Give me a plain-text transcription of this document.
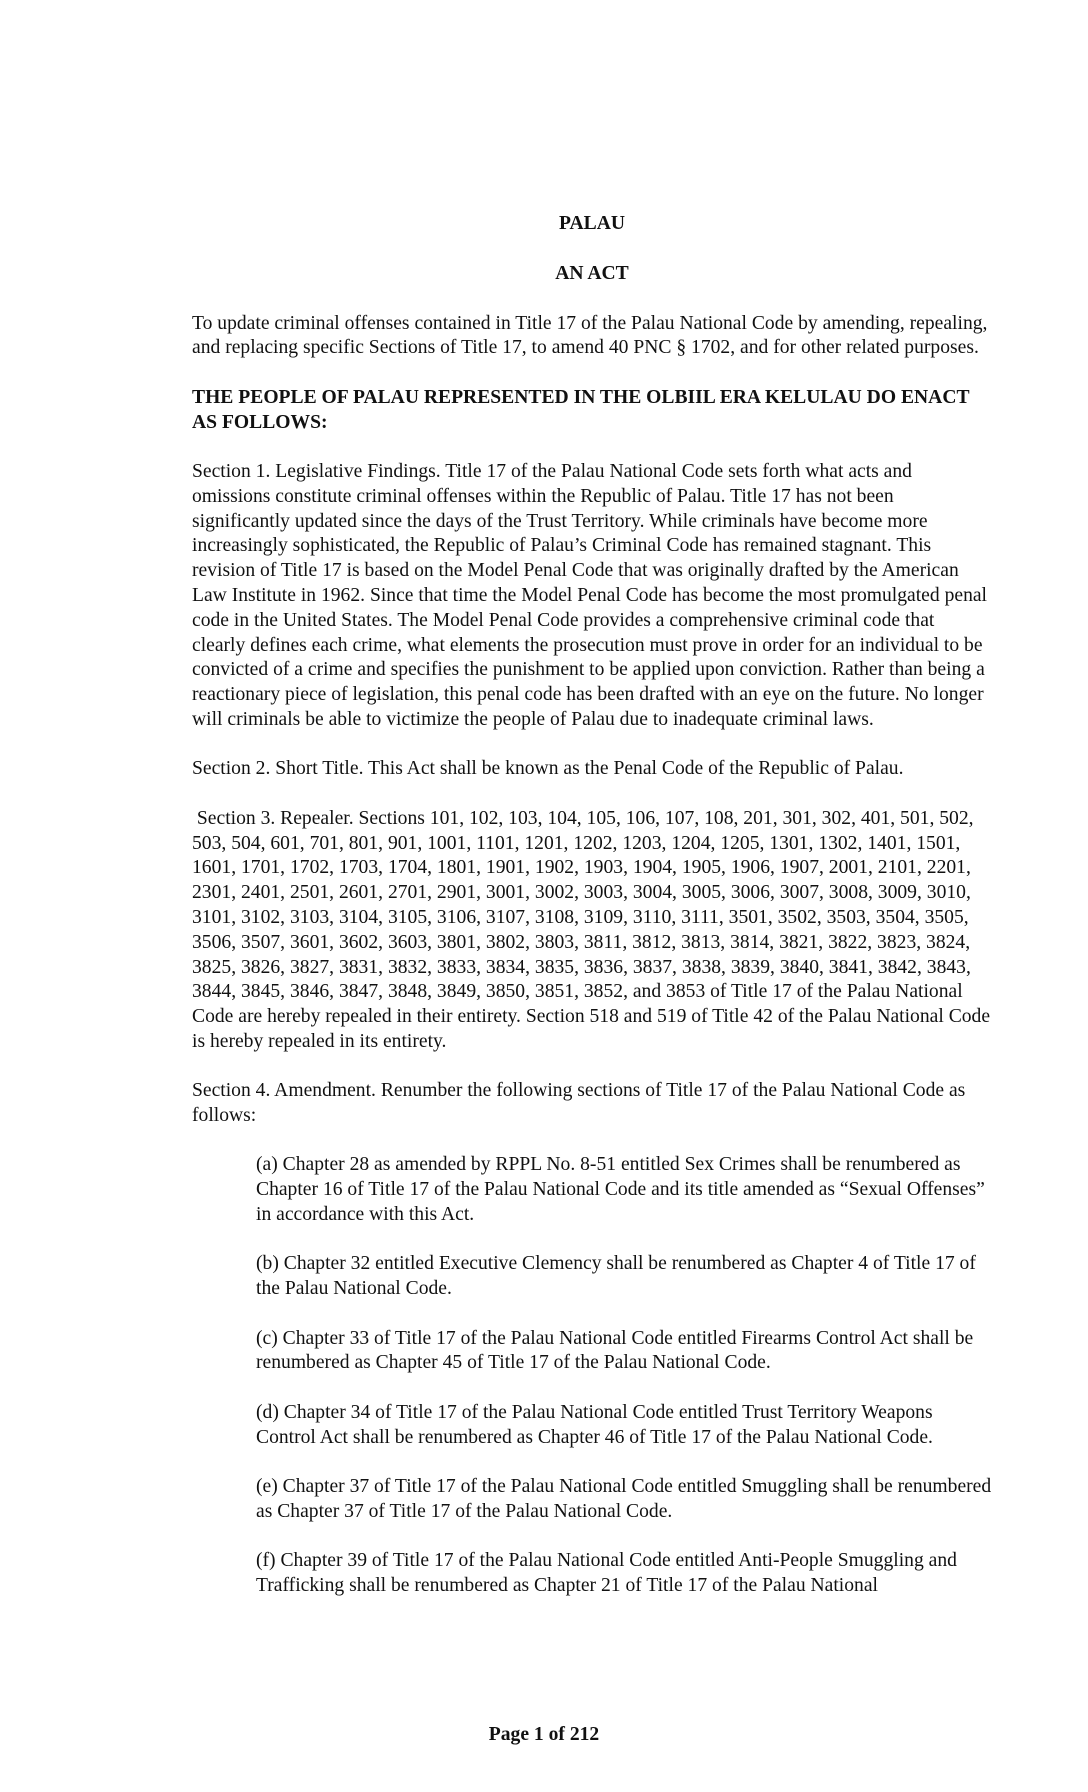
PALAU
AN ACT

To update criminal offenses contained in Title 17 of the Palau National Code by amending, repealing, and replacing specific Sections of Title 17, to amend 40 PNC § 1702, and for other related purposes.

THE PEOPLE OF PALAU REPRESENTED IN THE OLBIIL ERA KELULAU DO ENACT AS FOLLOWS:

Section 1. Legislative Findings. Title 17 of the Palau National Code sets forth what acts and omissions constitute criminal offenses within the Republic of Palau. Title 17 has not been significantly updated since the days of the Trust Territory. While criminals have become more increasingly sophisticated, the Republic of Palau’s Criminal Code has remained stagnant. This revision of Title 17 is based on the Model Penal Code that was originally drafted by the American Law Institute in 1962. Since that time the Model Penal Code has become the most promulgated penal code in the United States. The Model Penal Code provides a comprehensive criminal code that clearly defines each crime, what elements the prosecution must prove in order for an individual to be convicted of a crime and specifies the punishment to be applied upon conviction. Rather than being a reactionary piece of legislation, this penal code has been drafted with an eye on the future. No longer will criminals be able to victimize the people of Palau due to inadequate criminal laws.

Section 2. Short Title. This Act shall be known as the Penal Code of the Republic of Palau.

Section 3. Repealer. Sections 101, 102, 103, 104, 105, 106, 107, 108, 201, 301, 302, 401, 501, 502, 503, 504, 601, 701, 801, 901, 1001, 1101, 1201, 1202, 1203, 1204, 1205, 1301, 1302, 1401, 1501, 1601, 1701, 1702, 1703, 1704, 1801, 1901, 1902, 1903, 1904, 1905, 1906, 1907, 2001, 2101, 2201, 2301, 2401, 2501, 2601, 2701, 2901, 3001, 3002, 3003, 3004, 3005, 3006, 3007, 3008, 3009, 3010, 3101, 3102, 3103, 3104, 3105, 3106, 3107, 3108, 3109, 3110, 3111, 3501, 3502, 3503, 3504, 3505, 3506, 3507, 3601, 3602, 3603, 3801, 3802, 3803, 3811, 3812, 3813, 3814, 3821, 3822, 3823, 3824, 3825, 3826, 3827, 3831, 3832, 3833, 3834, 3835, 3836, 3837, 3838, 3839, 3840, 3841, 3842, 3843, 3844, 3845, 3846, 3847, 3848, 3849, 3850, 3851, 3852, and 3853 of Title 17 of the Palau National Code are hereby repealed in their entirety. Section 518 and 519 of Title 42 of the Palau National Code is hereby repealed in its entirety.

Section 4. Amendment. Renumber the following sections of Title 17 of the Palau National Code as follows:

(a) Chapter 28 as amended by RPPL No. 8-51 entitled Sex Crimes shall be renumbered as Chapter 16 of Title 17 of the Palau National Code and its title amended as “Sexual Offenses” in accordance with this Act.

(b) Chapter 32 entitled Executive Clemency shall be renumbered as Chapter 4 of Title 17 of the Palau National Code.

(c) Chapter 33 of Title 17 of the Palau National Code entitled Firearms Control Act shall be renumbered as Chapter 45 of Title 17 of the Palau National Code.

(d) Chapter 34 of Title 17 of the Palau National Code entitled Trust Territory Weapons Control Act shall be renumbered as Chapter 46 of Title 17 of the Palau National Code.

(e) Chapter 37 of Title 17 of the Palau National Code entitled Smuggling shall be renumbered as Chapter 37 of Title 17 of the Palau National Code.

(f) Chapter 39 of Title 17 of the Palau National Code entitled Anti-People Smuggling and Trafficking shall be renumbered as Chapter 21 of Title 17 of the Palau National

Page 1 of 212
